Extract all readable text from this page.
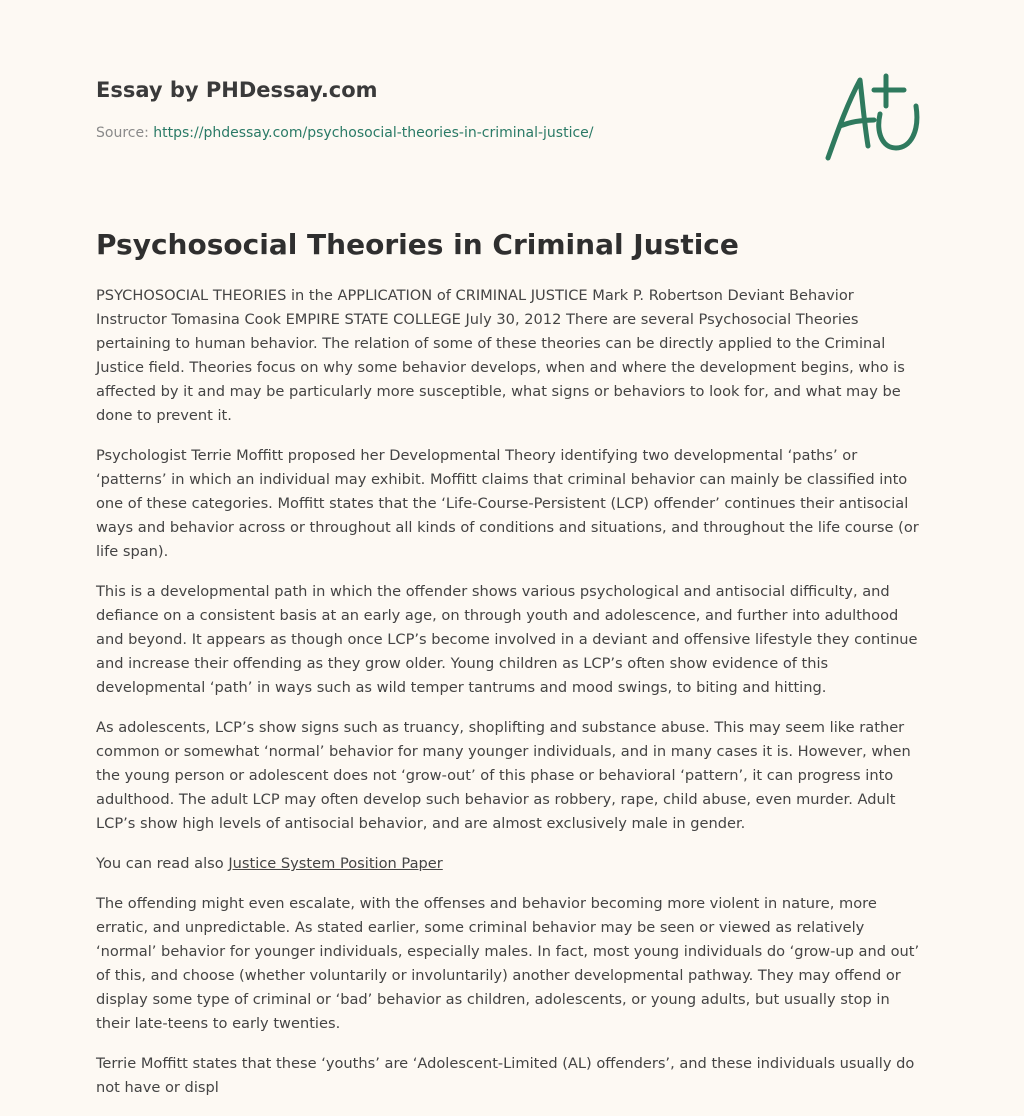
Essay by PHDessay.com
Source: https://phdessay.com/psychosocial-theories-in-criminal-justice/
Psychosocial Theories in Criminal Justice

PSYCHOSOCIAL THEORIES in the APPLICATION of CRIMINAL JUSTICE Mark P. Robertson Deviant Behavior Instructor Tomasina Cook EMPIRE STATE COLLEGE July 30, 2012 There are several Psychosocial Theories pertaining to human behavior. The relation of some of these theories can be directly applied to the Criminal Justice field. Theories focus on why some behavior develops, when and where the development begins, who is affected by it and may be particularly more susceptible, what signs or behaviors to look for, and what may be done to prevent it.

Psychologist Terrie Moffitt proposed her Developmental Theory identifying two developmental ‘paths’ or ‘patterns’ in which an individual may exhibit. Moffitt claims that criminal behavior can mainly be classified into one of these categories. Moffitt states that the ‘Life-Course-Persistent (LCP) offender’ continues their antisocial ways and behavior across or throughout all kinds of conditions and situations, and throughout the life course (or life span).

This is a developmental path in which the offender shows various psychological and antisocial difficulty, and defiance on a consistent basis at an early age, on through youth and adolescence, and further into adulthood and beyond. It appears as though once LCP’s become involved in a deviant and offensive lifestyle they continue and increase their offending as they grow older. Young children as LCP’s often show evidence of this developmental ‘path’ in ways such as wild temper tantrums and mood swings, to biting and hitting.

As adolescents, LCP’s show signs such as truancy, shoplifting and substance abuse. This may seem like rather common or somewhat ‘normal’ behavior for many younger individuals, and in many cases it is. However, when the young person or adolescent does not ‘grow-out’ of this phase or behavioral ‘pattern’, it can progress into adulthood. The adult LCP may often develop such behavior as robbery, rape, child abuse, even murder. Adult LCP’s show high levels of antisocial behavior, and are almost exclusively male in gender.

You can read also Justice System Position Paper

The offending might even escalate, with the offenses and behavior becoming more violent in nature, more erratic, and unpredictable. As stated earlier, some criminal behavior may be seen or viewed as relatively ‘normal’ behavior for younger individuals, especially males. In fact, most young individuals do ‘grow-up and out’ of this, and choose (whether voluntarily or involuntarily) another developmental pathway. They may offend or display some type of criminal or ‘bad’ behavior as children, adolescents, or young adults, but usually stop in their late-teens to early twenties.

Terrie Moffitt states that these ‘youths’ are ‘Adolescent-Limited (AL) offenders’, and these individuals usually do not have or displ
